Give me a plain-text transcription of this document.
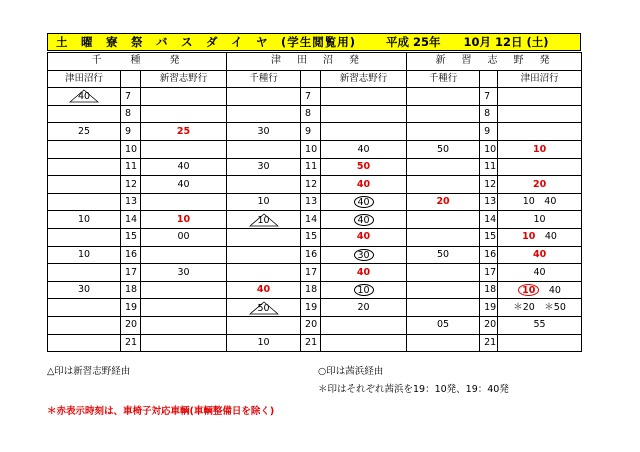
土　曜　寮　祭　バ　ス　ダ　イ　ヤ　(学生閲覧用)	平成 25年　　10月 12日 (土)
千　　種　　発			津　田　沼　発			新　習　志　野　発		
津田沼行		新習志野行	千種行		新習志野行	千種行		津田沼行

40	7			7			7	
	8			8			8	
25	9	25	30	9			9	
	10			10	40	50	10	10
	11	40	30	11	50		11	
	12	40		12	40		12	20
	13		10	13	40	20	13	10　40
10	14	10	10	14	40		14	10
	15	00		15	40		15	10　40
10	16			16	30	50	16	40
	17	30		17	40		17	40
30	18		40	18	10		18	10　 40
	19		50	19	20		19	＊20　＊50
	20			20		05	20	55
	21		10	21			21	
△印は新習志野経由	○印は茜浜経由
＊印はそれぞれ茜浜を19：10発、19：40発
＊赤表示時刻は、車椅子対応車輌(車輌整備日を除く)
